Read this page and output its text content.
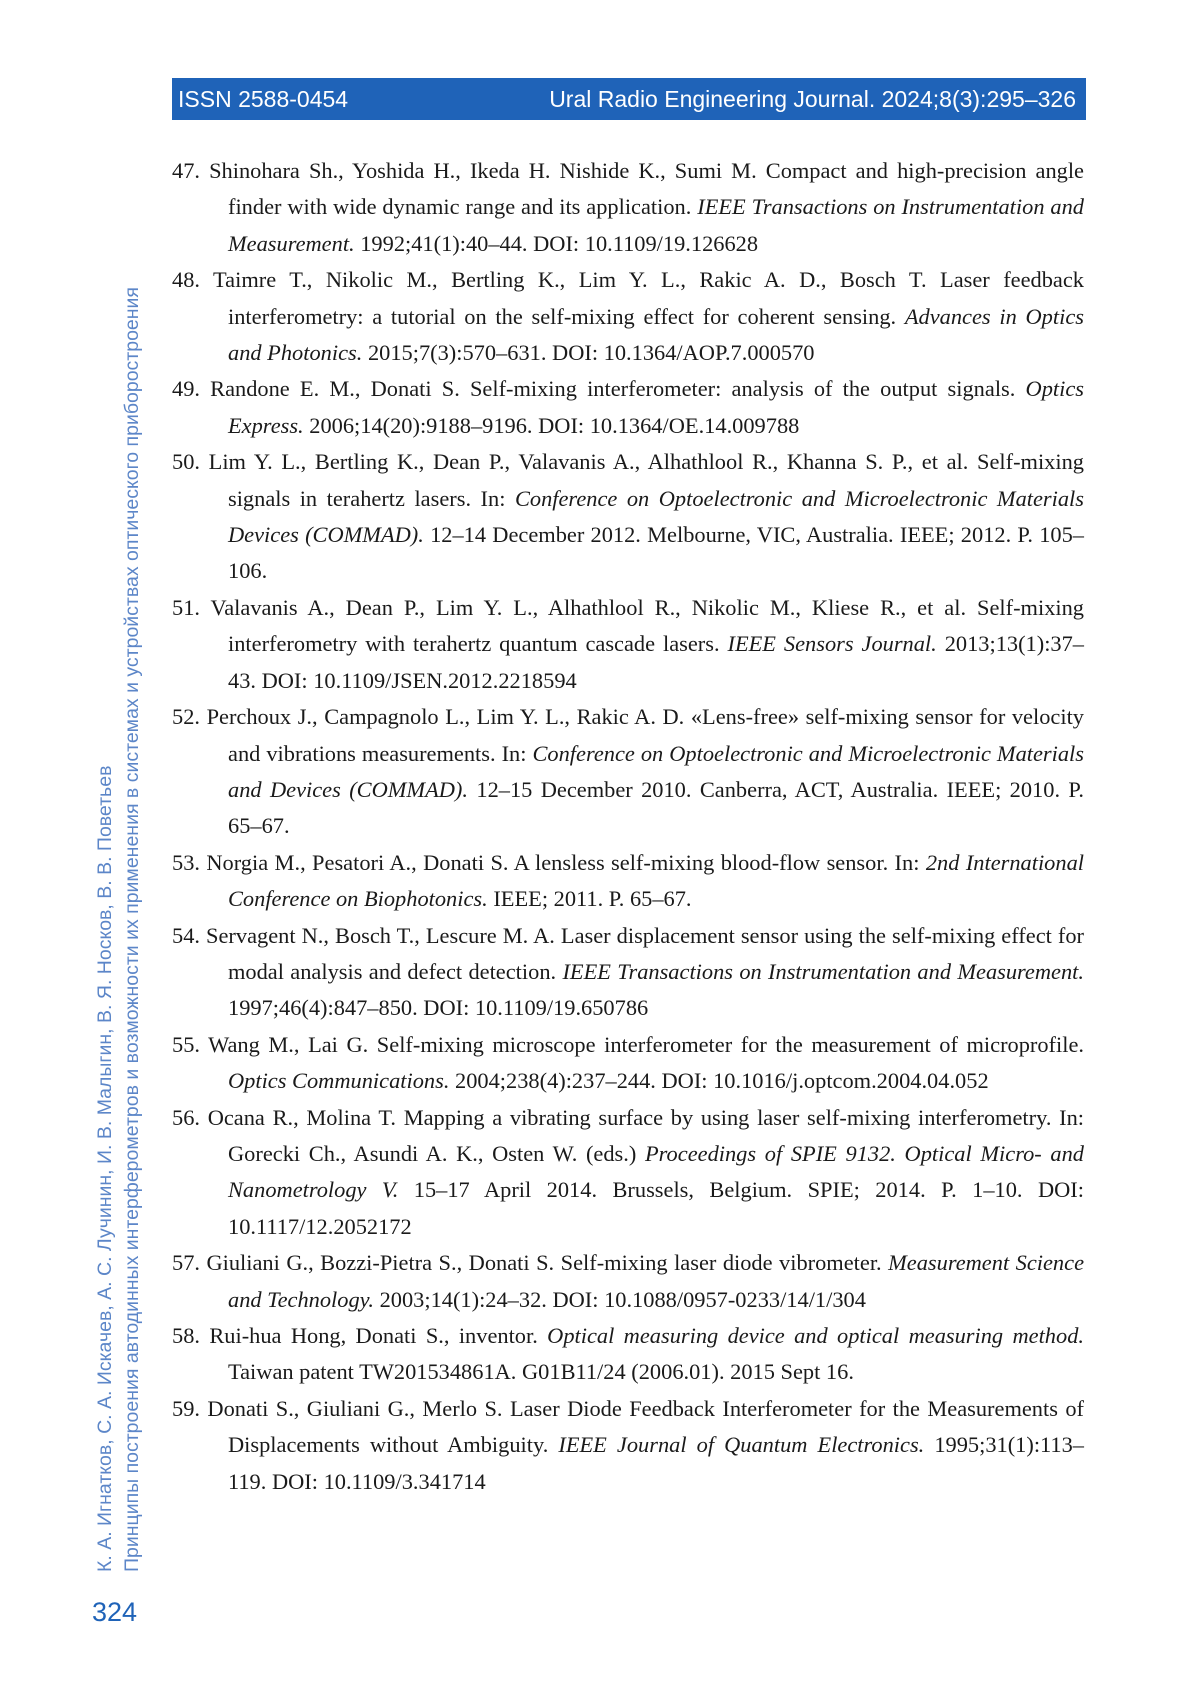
ISSN 2588-0454	Ural Radio Engineering Journal. 2024;8(3):295–326
К. А. Игнатков, С. А. Искачев, А. С. Лучинин, И. В. Малыгин, В. Я. Носков, В. В. Поветьев Принципы построения автодинных интерферометров и возможности их применения в системах и устройствах оптического приборостроения
324
47. Shinohara Sh., Yoshida H., Ikeda H. Nishide K., Sumi M. Compact and high-precision angle finder with wide dynamic range and its application. IEEE Transactions on Instrumentation and Measurement. 1992;41(1):40–44. DOI: 10.1109/19.126628
48. Taimre T., Nikolic M., Bertling K., Lim Y. L., Rakic A. D., Bosch T. Laser feedback interferometry: a tutorial on the self-mixing effect for coherent sensing. Advances in Optics and Photonics. 2015;7(3):570–631. DOI: 10.1364/AOP.7.000570
49. Randone E. M., Donati S. Self-mixing interferometer: analysis of the output signals. Optics Express. 2006;14(20):9188–9196. DOI: 10.1364/OE.14.009788
50. Lim Y. L., Bertling K., Dean P., Valavanis A., Alhathlool R., Khanna S. P., et al. Self-mixing signals in terahertz lasers. In: Conference on Optoelectronic and Microelectronic Materials Devices (COMMAD). 12–14 December 2012. Melbourne, VIC, Australia. IEEE; 2012. P. 105–106.
51. Valavanis A., Dean P., Lim Y. L., Alhathlool R., Nikolic M., Kliese R., et al. Self-mixing interferometry with terahertz quantum cascade lasers. IEEE Sensors Journal. 2013;13(1):37–43. DOI: 10.1109/JSEN.2012.2218594
52. Perchoux J., Campagnolo L., Lim Y. L., Rakic A. D. «Lens-free» self-mixing sensor for velocity and vibrations measurements. In: Conference on Optoelectronic and Microelectronic Materials and Devices (COMMAD). 12–15 December 2010. Canberra, ACT, Australia. IEEE; 2010. P. 65–67.
53. Norgia M., Pesatori A., Donati S. A lensless self-mixing blood-flow sensor. In: 2nd International Conference on Biophotonics. IEEE; 2011. P. 65–67.
54. Servagent N., Bosch T., Lescure M. A. Laser displacement sensor using the self-mixing effect for modal analysis and defect detection. IEEE Transactions on Instrumentation and Measurement. 1997;46(4):847–850. DOI: 10.1109/19.650786
55. Wang M., Lai G. Self-mixing microscope interferometer for the measurement of microprofile. Optics Communications. 2004;238(4):237–244. DOI: 10.1016/j.optcom.2004.04.052
56. Ocana R., Molina T. Mapping a vibrating surface by using laser self-mixing interferometry. In: Gorecki Ch., Asundi A. K., Osten W. (eds.) Proceedings of SPIE 9132. Optical Micro- and Nanometrology V. 15–17 April 2014. Brussels, Belgium. SPIE; 2014. P. 1–10. DOI: 10.1117/12.2052172
57. Giuliani G., Bozzi-Pietra S., Donati S. Self-mixing laser diode vibrometer. Measurement Science and Technology. 2003;14(1):24–32. DOI: 10.1088/0957-0233/14/1/304
58. Rui-hua Hong, Donati S., inventor. Optical measuring device and optical measuring method. Taiwan patent TW201534861A. G01B11/24 (2006.01). 2015 Sept 16.
59. Donati S., Giuliani G., Merlo S. Laser Diode Feedback Interferometer for the Measurements of Displacements without Ambiguity. IEEE Journal of Quantum Electronics. 1995;31(1):113–119. DOI: 10.1109/3.341714
